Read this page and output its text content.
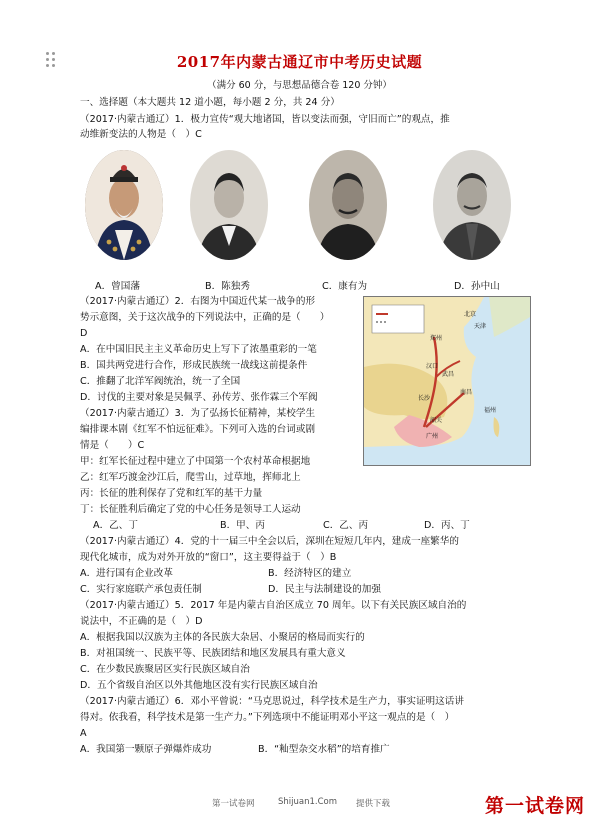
2017年内蒙古通辽市中考历史试题
（满分 60 分，与思想品德合卷 120 分钟）
一、选择题（本大题共 12 道小题，每小题 2 分，共 24 分）
（2017·内蒙古通辽）1．极力宣传“观大地诸国，皆以变法而强，守旧而亡”的观点，推
动维新变法的人物是（　）C
A．曾国藩	B．陈独秀	C．康有为	D．孙中山
（2017·内蒙古通辽）2．右图为中国近代某一战争的形
势示意图，关于这次战争的下列说法中，正确的是（　　）
D
A．在中国旧民主主义革命历史上写下了浓墨重彩的一笔
B．国共两党进行合作，形成民族统一战线这前提条件
C．推翻了北洋军阀统治，统一了全国
D．讨伐的主要对象是吴佩孚、孙传芳、张作霖三个军阀
北京
天津
郑州
武昌
长沙
南昌
福州
广州
汉口
韶关
（2017·内蒙古通辽）3．为了弘扬长征精神，某校学生
编排课本剧《红军不怕远征难》。下列可入选的台词或剧
情是（　　）C
甲：红军长征过程中建立了中国第一个农村革命根据地
乙：红军巧渡金沙江后，爬雪山，过草地，挥师北上
丙：长征的胜利保存了党和红军的基干力量
丁：长征胜利后确定了党的中心任务是领导工人运动
A．乙、丁	B．甲、丙	C．乙、丙	D．丙、丁
（2017·内蒙古通辽）4．党的十一届三中全会以后，深圳在短短几年内，建成一座繁华的
现代化城市，成为对外开放的“窗口”，这主要得益于（　）B
A．进行国有企业改革	B．经济特区的建立
C．实行家庭联产承包责任制	D．民主与法制建设的加强
（2017·内蒙古通辽）5．2017 年是内蒙古自治区成立 70 周年。以下有关民族区域自治的
说法中，不正确的是（　）D
A．根据我国以汉族为主体的各民族大杂居、小聚居的格局而实行的
B．对祖国统一、民族平等、民族团结和地区发展具有重大意义
C．在少数民族聚居区实行民族区域自治
D．五个省级自治区以外其他地区没有实行民族区域自治
（2017·内蒙古通辽）6．邓小平曾说：“马克思说过，科学技术是生产力，事实证明这话讲
得对。依我看，科学技术是第一生产力。”下列选项中不能证明邓小平这一观点的是（　）
A
A．我国第一颗原子弹爆炸成功	B．“籼型杂交水稻”的培育推广
第一试卷网	Shijuan1.Com 提供下载	第一试卷网
